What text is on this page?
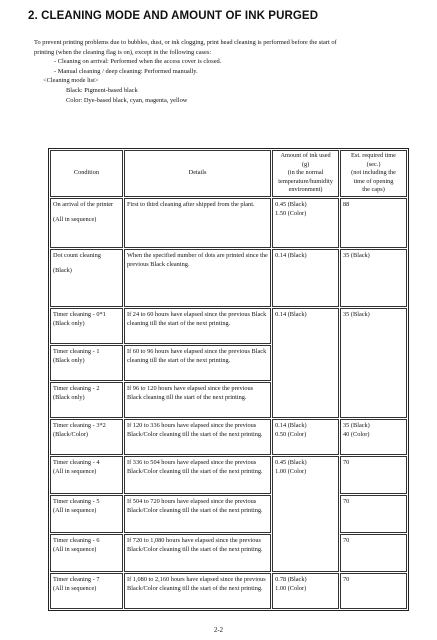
2. CLEANING MODE AND AMOUNT OF INK PURGED

To prevent printing problems due to bubbles, dust, or ink clogging, print head cleaning is performed before the start of

printing (when the cleaning flag is on), except in the following cases:

- Cleaning on arrival: Performed when the access cover is closed.

- Manual cleaning / deep cleaning: Performed manually.

<Cleaning mode list>

Black: Pigment-based black

Color: Dye-based black, cyan, magenta, yellow

Condition	Details	Amount of ink used
(g)
(in the normal
temperature/humidity
environment)	Est. required time
(sec.)
(not including the
time of opening
the caps)

On arrival of the printer
(All in sequence)	First to third cleaning after shipped from the plant.	0.45 (Black)
1.50 (Color)	88

Dot count cleaning
(Black)	When the specified number of dots are printed since the previous Black cleaning.	0.14 (Black)	35 (Black)

Timer cleaning - 0*1
(Black only)	If 24 to 60 hours have elapsed since the previous Black cleaning till the start of the next printing.	0.14 (Black)	35 (Black)

Timer cleaning - 1
(Black only)	If 60 to 96 hours have elapsed since the previous Black cleaning till the start of the next printing.		

Timer cleaning - 2
(Black only)	If 96 to 120 hours have elapsed since the previous Black cleaning till the start of the next printing.		

Timer cleaning - 3*2
(Black/Color)	If 120 to 336 hours have elapsed since the previous Black/Color cleaning till the start of the next printing.	0.14 (Black)
0.50 (Color)	35 (Black)
40 (Color)

Timer cleaning - 4
(All in sequence)	If 336 to 504 hours have elapsed since the previous Black/Color cleaning till the start of the next printing.	0.45 (Black)
1.00 (Color)	70

Timer cleaning - 5
(All in sequence)	If 504 to 720 hours have elapsed since the previous Black/Color cleaning till the start of the next printing.		70

Timer cleaning - 6
(All in sequence)	If 720 to 1,080 hours have elapsed since the previous Black/Color cleaning till the start of the next printing.		70

Timer cleaning - 7
(All in sequence)	If 1,080 to 2,160 hours have elapsed since the previous Black/Color cleaning till the start of the next printing.	0.78 (Black)
1.00 (Color)	70
2-2
